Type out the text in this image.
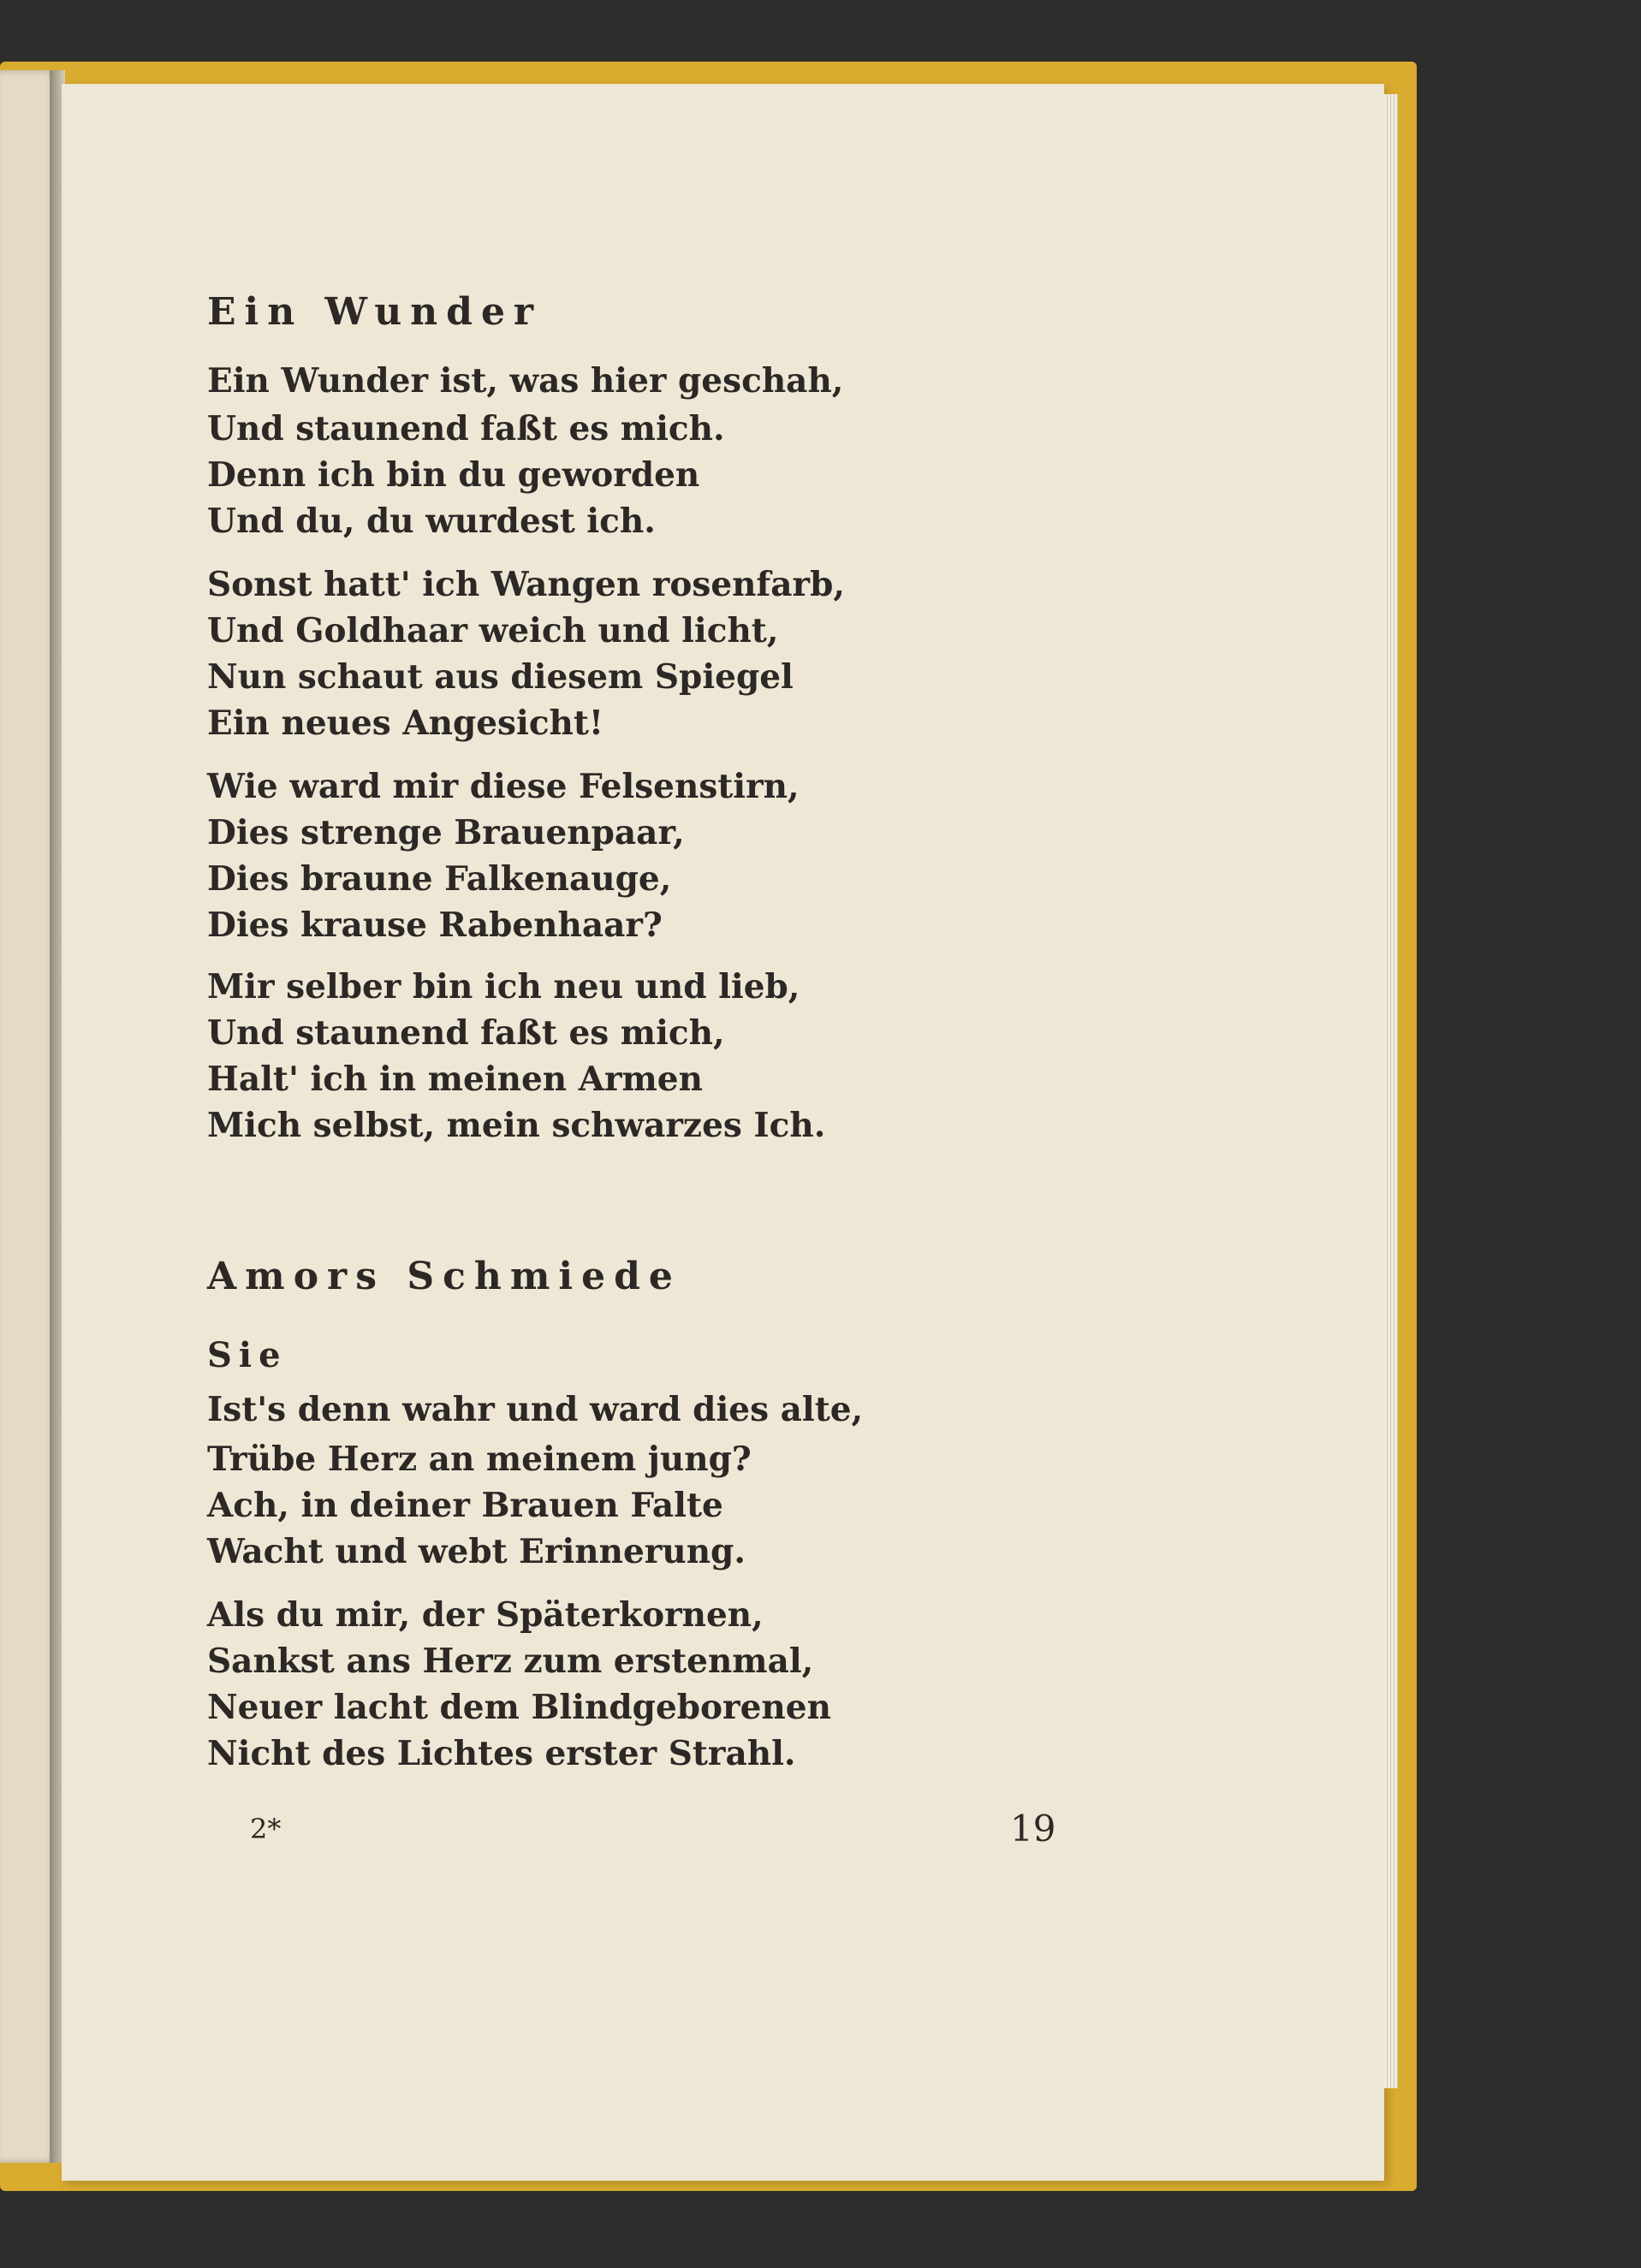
Ein Wunder
Ein Wunder ist, was hier geschah,
Und staunend faßt es mich.
Denn ich bin du geworden
Und du, du wurdest ich.
Sonst hatt' ich Wangen rosenfarb,
Und Goldhaar weich und licht,
Nun schaut aus diesem Spiegel
Ein neues Angesicht!
Wie ward mir diese Felsenstirn,
Dies strenge Brauenpaar,
Dies braune Falkenauge,
Dies krause Rabenhaar?
Mir selber bin ich neu und lieb,
Und staunend faßt es mich,
Halt' ich in meinen Armen
Mich selbst, mein schwarzes Ich.
Amors Schmiede
Sie
Ist's denn wahr und ward dies alte,
Trübe Herz an meinem jung?
Ach, in deiner Brauen Falte
Wacht und webt Erinnerung.
Als du mir, der Späterkornen,
Sankst ans Herz zum erstenmal,
Neuer lacht dem Blindgeborenen
Nicht des Lichtes erster Strahl.
2*	19
